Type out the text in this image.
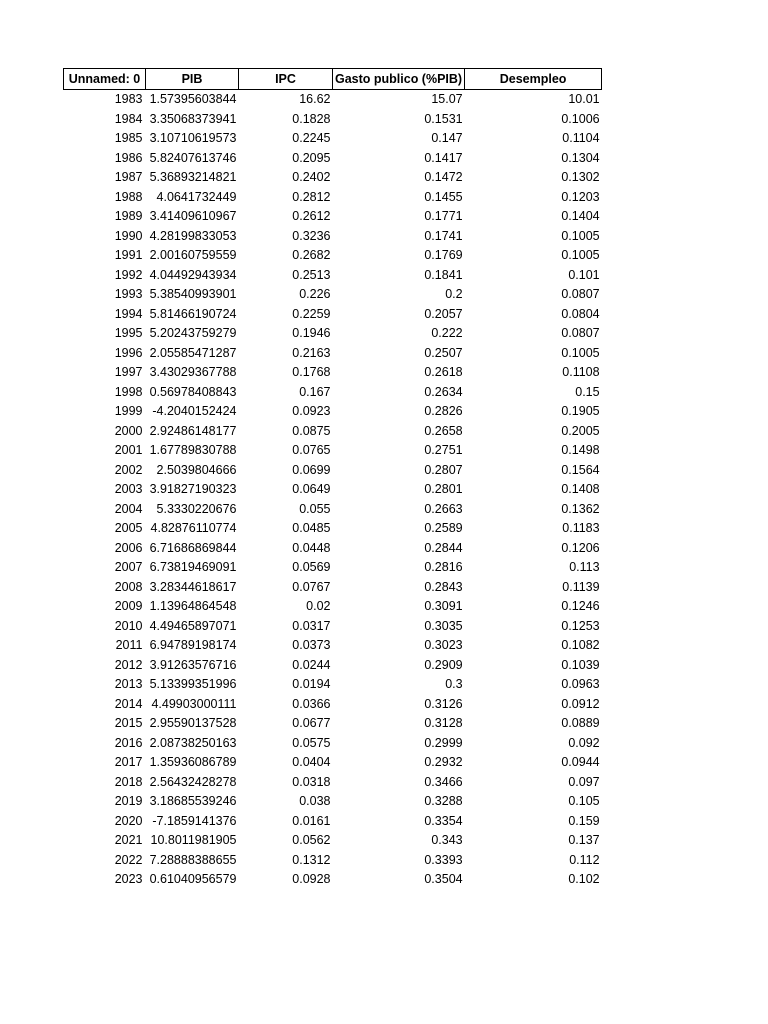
Unnamed: 0	PIB	IPC	Gasto publico (%PIB)	Desempleo
1983	1.57395603844	16.62	15.07	10.01
1984	3.35068373941	0.1828	0.1531	0.1006
1985	3.10710619573	0.2245	0.147	0.1104
1986	5.82407613746	0.2095	0.1417	0.1304
1987	5.36893214821	0.2402	0.1472	0.1302
1988	4.0641732449	0.2812	0.1455	0.1203
1989	3.41409610967	0.2612	0.1771	0.1404
1990	4.28199833053	0.3236	0.1741	0.1005
1991	2.00160759559	0.2682	0.1769	0.1005
1992	4.04492943934	0.2513	0.1841	0.101
1993	5.38540993901	0.226	0.2	0.0807
1994	5.81466190724	0.2259	0.2057	0.0804
1995	5.20243759279	0.1946	0.222	0.0807
1996	2.05585471287	0.2163	0.2507	0.1005
1997	3.43029367788	0.1768	0.2618	0.1108
1998	0.56978408843	0.167	0.2634	0.15
1999	-4.2040152424	0.0923	0.2826	0.1905
2000	2.92486148177	0.0875	0.2658	0.2005
2001	1.67789830788	0.0765	0.2751	0.1498
2002	2.5039804666	0.0699	0.2807	0.1564
2003	3.91827190323	0.0649	0.2801	0.1408
2004	5.3330220676	0.055	0.2663	0.1362
2005	4.82876110774	0.0485	0.2589	0.1183
2006	6.71686869844	0.0448	0.2844	0.1206
2007	6.73819469091	0.0569	0.2816	0.113
2008	3.28344618617	0.0767	0.2843	0.1139
2009	1.13964864548	0.02	0.3091	0.1246
2010	4.49465897071	0.0317	0.3035	0.1253
2011	6.94789198174	0.0373	0.3023	0.1082
2012	3.91263576716	0.0244	0.2909	0.1039
2013	5.13399351996	0.0194	0.3	0.0963
2014	4.49903000111	0.0366	0.3126	0.0912
2015	2.95590137528	0.0677	0.3128	0.0889
2016	2.08738250163	0.0575	0.2999	0.092
2017	1.35936086789	0.0404	0.2932	0.0944
2018	2.56432428278	0.0318	0.3466	0.097
2019	3.18685539246	0.038	0.3288	0.105
2020	-7.1859141376	0.0161	0.3354	0.159
2021	10.8011981905	0.0562	0.343	0.137
2022	7.28888388655	0.1312	0.3393	0.112
2023	0.61040956579	0.0928	0.3504	0.102
